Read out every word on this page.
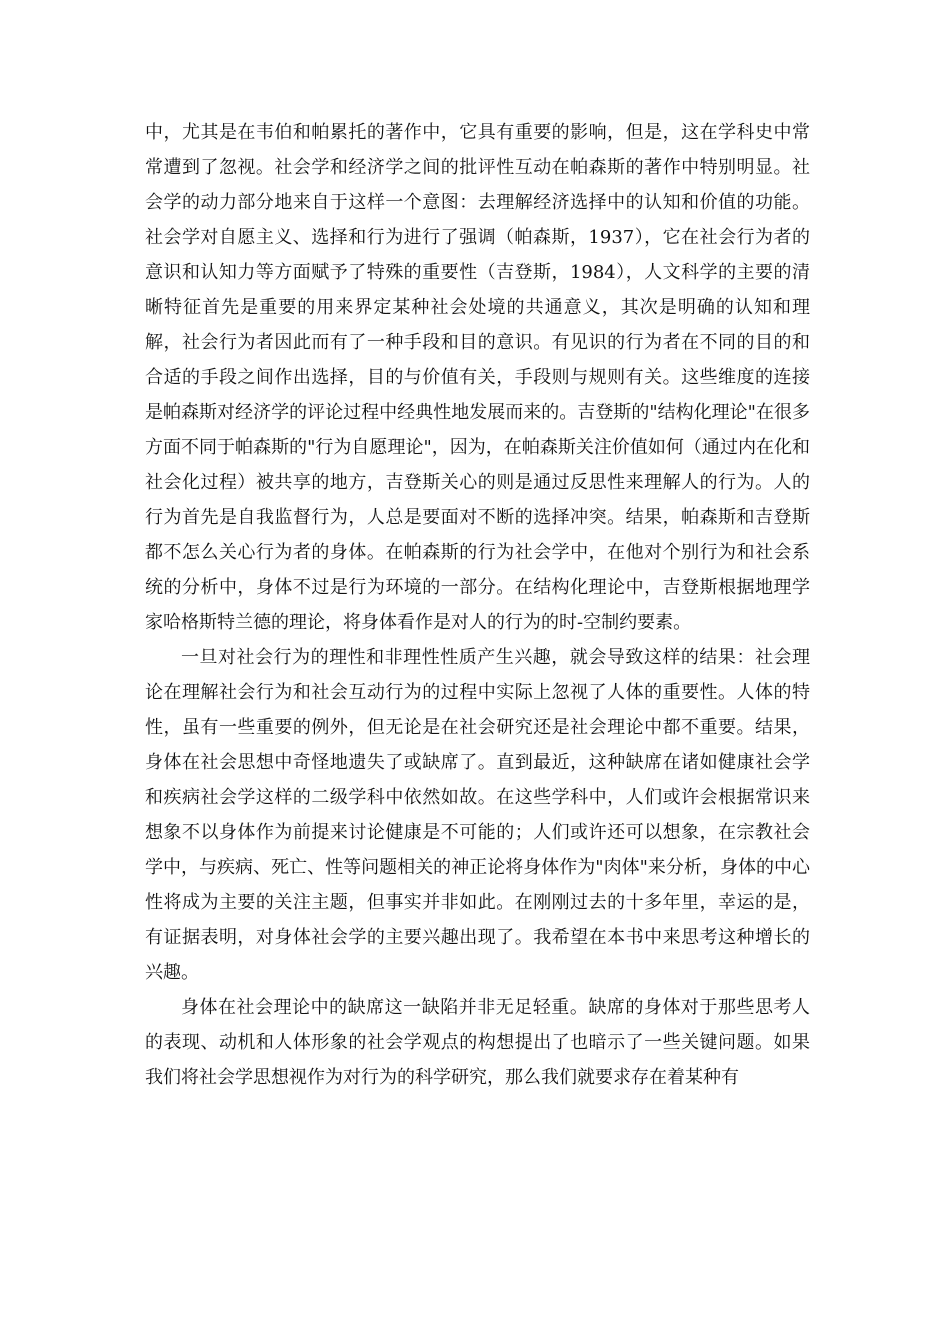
中，尤其是在韦伯和帕累托的著作中，它具有重要的影响，但是，这在学科史中常常遭到了忽视。社会学和经济学之间的批评性互动在帕森斯的著作中特别明显。社会学的动力部分地来自于这样一个意图：去理解经济选择中的认知和价值的功能。社会学对自愿主义、选择和行为进行了强调（帕森斯，1937），它在社会行为者的意识和认知力等方面赋予了特殊的重要性（吉登斯，1984），人文科学的主要的清晰特征首先是重要的用来界定某种社会处境的共通意义，其次是明确的认知和理解，社会行为者因此而有了一种手段和目的意识。有见识的行为者在不同的目的和合适的手段之间作出选择，目的与价值有关，手段则与规则有关。这些维度的连接是帕森斯对经济学的评论过程中经典性地发展而来的。吉登斯的"结构化理论"在很多方面不同于帕森斯的"行为自愿理论"，因为，在帕森斯关注价值如何（通过内在化和社会化过程）被共享的地方，吉登斯关心的则是通过反思性来理解人的行为。人的行为首先是自我监督行为，人总是要面对不断的选择冲突。结果，帕森斯和吉登斯都不怎么关心行为者的身体。在帕森斯的行为社会学中，在他对个别行为和社会系统的分析中，身体不过是行为环境的一部分。在结构化理论中，吉登斯根据地理学家哈格斯特兰德的理论，将身体看作是对人的行为的时-空制约要素。

一旦对社会行为的理性和非理性性质产生兴趣，就会导致这样的结果：社会理论在理解社会行为和社会互动行为的过程中实际上忽视了人体的重要性。人体的特性，虽有一些重要的例外，但无论是在社会研究还是社会理论中都不重要。结果，身体在社会思想中奇怪地遗失了或缺席了。直到最近，这种缺席在诸如健康社会学和疾病社会学这样的二级学科中依然如故。在这些学科中，人们或许会根据常识来想象不以身体作为前提来讨论健康是不可能的；人们或许还可以想象，在宗教社会学中，与疾病、死亡、性等问题相关的神正论将身体作为"肉体"来分析，身体的中心性将成为主要的关注主题，但事实并非如此。在刚刚过去的十多年里，幸运的是，有证据表明，对身体社会学的主要兴趣出现了。我希望在本书中来思考这种增长的兴趣。

身体在社会理论中的缺席这一缺陷并非无足轻重。缺席的身体对于那些思考人的表现、动机和人体形象的社会学观点的构想提出了也暗示了一些关键问题。如果我们将社会学思想视作为对行为的科学研究，那么我们就要求存在着某种有
